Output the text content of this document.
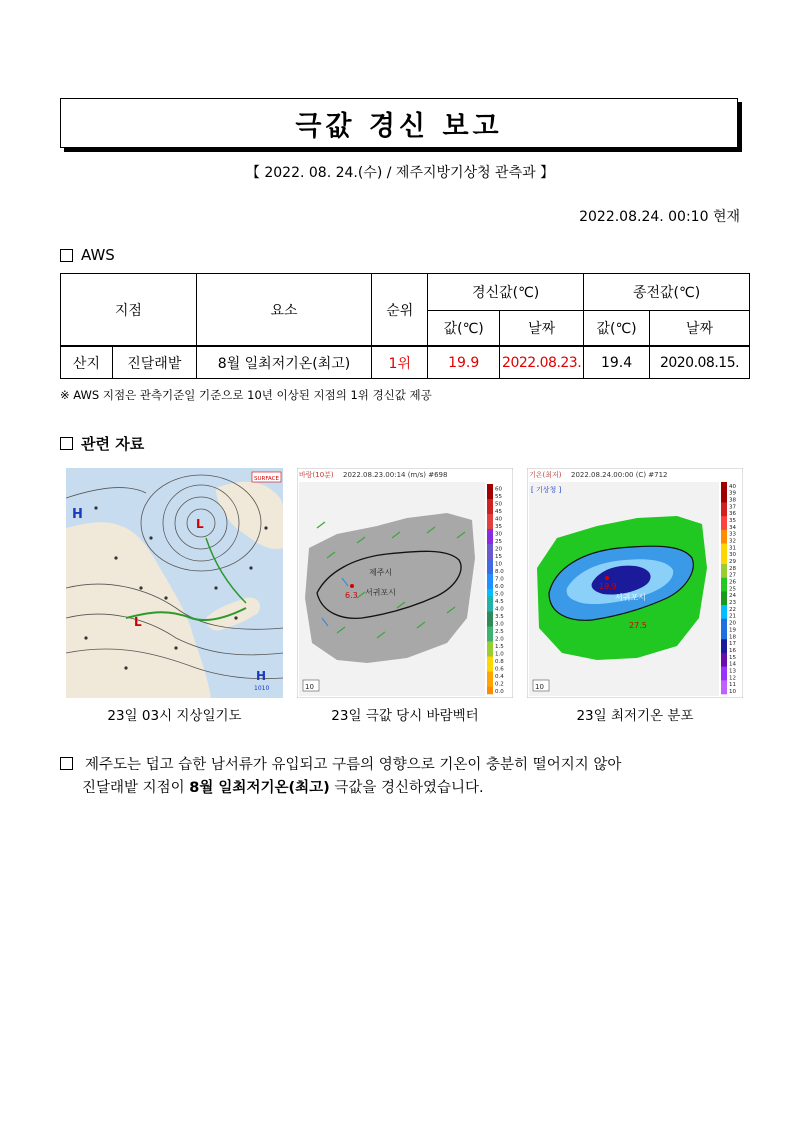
극값 경신 보고
【 2022. 08. 24.(수) / 제주지방기상청 관측과 】
2022.08.24. 00:10 현재
AWS
지점		요소	순위	경신값(℃)		종전값(℃)	
				값(℃)	날짜	값(℃)	날짜
산지	진달래밭	8월 일최저기온(최고)	1위	19.9	2022.08.23.	19.4	2020.08.15.
※ AWS 지점은 관측기준일 기준으로 10년 이상된 지점의 1위 경신값 제공
관련 자료
H
L
L
H
1010
SURFACE	바람(10분) 2022.08.23.00:14 (m/s) #698
6.3
제주시
서귀포시
10
60
55
50
45
40
35
30
25
20
15
10
8.0
7.0
6.0
5.0
4.5
4.0
3.5
3.0
2.5
2.0
1.5
1.0
0.8
0.6
0.4
0.2
0.0
기온(최저) 2022.08.24.00:00 (C) #712
[ 기상청 ]
19.9
서귀포시
27.5
10
40
39
38
37
36
35
34
33
32
31
30
29
28
27
26
25
24
23
22
21
20
19
18
17
16
15
14
13
12
11
10
23일 03시 지상일기도	23일 극값 당시 바람벡터	23일 최저기온 분포
제주도는 덥고 습한 남서류가 유입되고 구름의 영향으로 기온이 충분히 떨어지지 않아
진달래밭 지점이 8월 일최저기온(최고) 극값을 경신하였습니다.
